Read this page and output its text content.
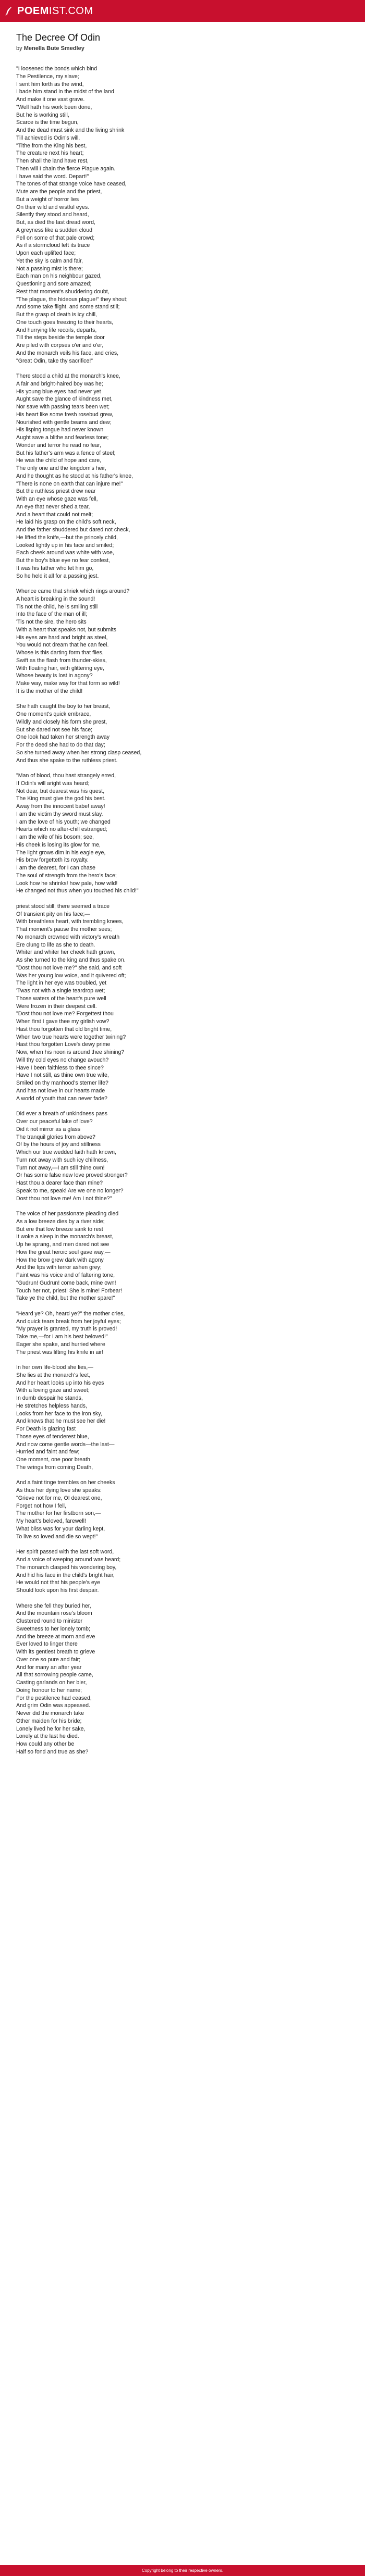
POEMIST.COM
The Decree Of Odin
by Menella Bute Smedley
"I loosened the bonds which bind
The Pestilence, my slave;
I sent him forth as the wind,
I bade him stand in the midst of the land
And make it one vast grave.
"Well hath his work been done,
But he is working still,
Scarce is the time begun,
And the dead must sink and the living shrink
Till achieved is Odin's will.
"Tithe from the King his best,
The creature next his heart;
Then shall the land have rest,
Then will I chain the fierce Plague again.
I have said the word. Depart!"
The tones of that strange voice have ceased,
Mute are the people and the priest,
But a weight of horror lies
On their wild and wistful eyes.
Silently they stood and heard,
But, as died the last dread word,
A greyness like a sudden cloud
Fell on some of that pale crowd;
As if a stormcloud left its trace
Upon each uplifted face;
Yet the sky is calm and fair,
Not a passing mist is there;
Each man on his neighbour gazed,
Questioning and sore amazed;
Rest that moment's shuddering doubt,
"The plague, the hideous plague!" they shout;
And some take flight, and some stand still;
But the grasp of death is icy chill,
One touch goes freezing to their hearts,
And hurrying life recoils, departs,
Till the steps beside the temple door
Are piled with corpses o'er and o'er,
And the monarch veils his face, and cries,
"Great Odin, take thy sacrifice!"
There stood a child at the monarch's knee,
A fair and bright-haired boy was he;
His young blue eyes had never yet
Aught save the glance of kindness met,
Nor save with passing tears been wet;
His heart like some fresh rosebud grew,
Nourished with gentle beams and dew;
His lisping tongue had never known
Aught save a blithe and fearless tone;
Wonder and terror he read no fear,
But his father's arm was a fence of steel;
He was the child of hope and care,
The only one and the kingdom's heir,
And he thought as he stood at his father's knee,
"There is none on earth that can injure me!"
But the ruthless priest drew near
With an eye whose gaze was fell,
An eye that never shed a tear,
And a heart that could not melt;
He laid his grasp on the child's soft neck,
And the father shuddered but dared not check,
He lifted the knife,—but the princely child,
Looked lightly up in his face and smiled;
Each cheek around was white with woe,
But the boy's blue eye no fear confest,
It was his father who let him go,
So he held it all for a passing jest.
Whence came that shriek which rings around?
A heart is breaking in the sound!
Tis not the child, he is smiling still
Into the face of the man of ill;
'Tis not the sire, the hero sits
With a heart that speaks not, but submits
His eyes are hard and bright as steel,
You would not dream that he can feel.
Whose is this darting form that flies,
Swift as the flash from thunder-skies,
With floating hair, with glittering eye,
Whose beauty is lost in agony?
Make way, make way for that form so wild!
It is the mother of the child!
She hath caught the boy to her breast,
One moment's quick embrace,
Wildly and closely his form she prest,
But she dared not see his face;
One look had taken her strength away
For the deed she had to do that day;
So she turned away when her strong clasp ceased,
And thus she spake to the ruthless priest.
"Man of blood, thou hast strangely erred,
If Odin's will aright was heard;
Not dear, but dearest was his quest,
The King must give the god his best.
Away from the innocent babe! away!
I am the victim thy sword must slay.
I am the love of his youth; we changed
Hearts which no after-chill estranged;
I am the wife of his bosom; see,
His cheek is losing its glow for me,
The light grows dim in his eagle eye,
His brow forgetteth its royalty.
I am the dearest, for I can chase
The soul of strength from the hero's face;
Look how he shrinks! how pale, how wild!
He changed not thus when you touched his child!"
priest stood still; there seemed a trace
Of transient pity on his face;—
With breathless heart, with trembling knees,
That moment's pause the mother sees;
No monarch crowned with victory's wreath
Ere clung to life as she to death.
Whiter and whiter her cheek hath grown,
As she turned to the king and thus spake on.
"Dost thou not love me?" she said, and soft
Was her young low voice, and it quivered oft;
The light in her eye was troubled, yet
'Twas not with a single teardrop wet;
Those waters of the heart's pure well
Were frozen in their deepest cell.
"Dost thou not love me? Forgettest thou
When first I gave thee my girlish vow?
Hast thou forgotten that old bright time,
When two true hearts were together twining?
Hast thou forgotten Love's dewy prime
Now, when his noon is around thee shining?
Will thy cold eyes no change avouch?
Have I been faithless to thee since?
Have I not still, as thine own true wife,
Smiled on thy manhood's sterner life?
And has not love in our hearts made
A world of youth that can never fade?
Did ever a breath of unkindness pass
Over our peaceful lake of love?
Did it not mirror as a glass
The tranquil glories from above?
O! by the hours of joy and stillness
Which our true wedded faith hath known,
Turn not away with such icy chillness,
Turn not away,—I am still thine own!
Or has some false new love proved stronger?
Hast thou a dearer face than mine?
Speak to me, speak! Are we one no longer?
Dost thou not love me! Am I not thine?"
The voice of her passionate pleading died
As a low breeze dies by a river side;
But ere that low breeze sank to rest
It woke a sleep in the monarch's breast,
Up he sprang, and men dared not see
How the great heroic soul gave way,—
How the brow grew dark with agony
And the lips with terror ashen grey;
Faint was his voice and of faltering tone,
"Gudrun! Gudrun! come back, mine own!
Touch her not, priest! She is mine! Forbear!
Take ye the child, but the mother spare!"
"Heard ye? Oh, heard ye?" the mother cries,
And quick tears break from her joyful eyes;
"My prayer is granted, my truth is proved!
Take me,—for I am his best beloved!"
Eager she spake, and hurried where
The priest was lifting his knife in air!
In her own life-blood she lies,—
She lies at the monarch's feet,
And her heart looks up into his eyes
With a loving gaze and sweet;
In dumb despair he stands,
He stretches helpless hands,
Looks from her face to the iron sky,
And knows that he must see her die!
For Death is glazing fast
Those eyes of tenderest blue,
And now come gentle words—the last—
Hurried and faint and few;
One moment, one poor breath
The wrings from coming Death,
And a faint tinge trembles on her cheeks
As thus her dying love she speaks:
"Grieve not for me, O! dearest one,
Forget not how I fell,
The mother for her firstborn son,—
My heart's beloved, farewell!
What bliss was for your darling kept,
To live so loved and die so wept!"
Her spirit passed with the last soft word,
And a voice of weeping around was heard;
The monarch clasped his wondering boy,
And hid his face in the child's bright hair,
He would not that his people's eye
Should look upon his first despair.
Where she fell they buried her,
And the mountain rose's bloom
Clustered round to minister
Sweetness to her lonely tomb;
And the breeze at morn and eve
Ever loved to linger there
With its gentlest breath to grieve
Over one so pure and fair;
And for many an after year
All that sorrowing people came,
Casting garlands on her bier,
Doing honour to her name;
For the pestilence had ceased,
And grim Odin was appeased.
Never did the monarch take
Other maiden for his bride;
Lonely lived he for her sake,
Lonely at the last he died.
How could any other be
Half so fond and true as she?
Copyright belong to their respective owners.
